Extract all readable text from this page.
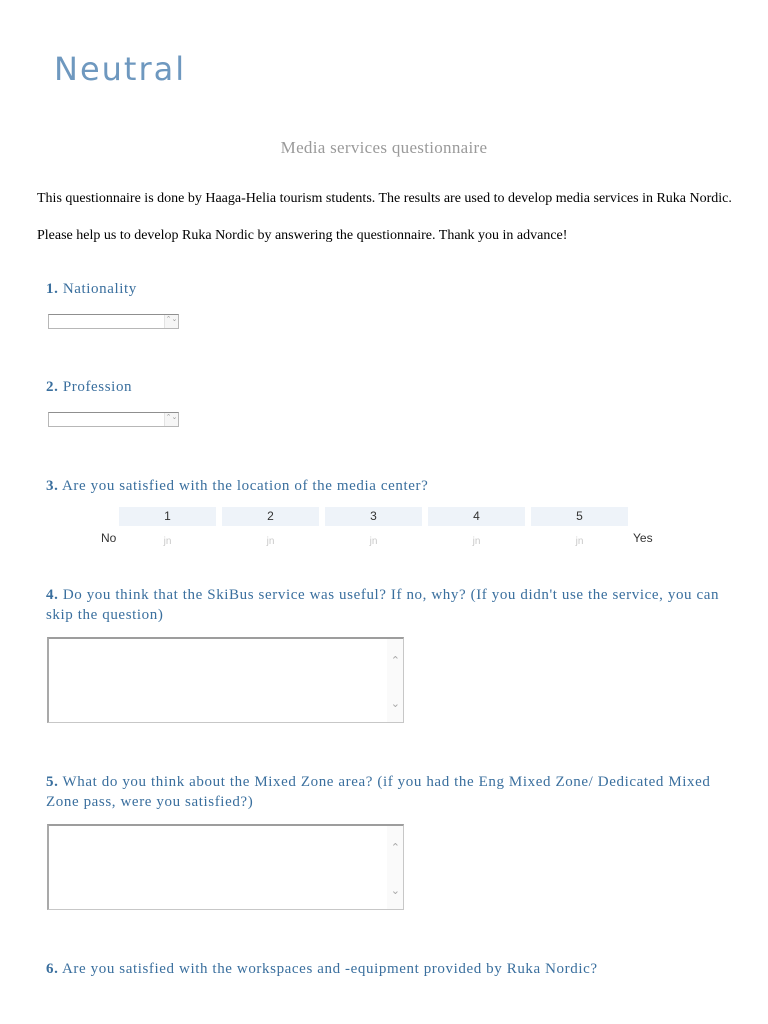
Neutral
Media services questionnaire
This questionnaire is done by Haaga-Helia tourism students. The results are used to develop media services in Ruka Nordic.
Please help us to develop Ruka Nordic by answering the questionnaire. Thank you in advance!
1. Nationality
⌃⌄
2. Profession
⌃⌄
3. Are you satisfied with the location of the media center?
1	2	3	4	5
No	jn	jn	jn	jn	jn	Yes
4. Do you think that the SkiBus service was useful? If no, why? (If you didn't use the service, you can skip the question)
⌃
⌄
5. What do you think about the Mixed Zone area? (if you had the Eng Mixed Zone/ Dedicated Mixed Zone pass, were you satisfied?)
⌃
⌄
6. Are you satisfied with the workspaces and -equipment provided by Ruka Nordic?
